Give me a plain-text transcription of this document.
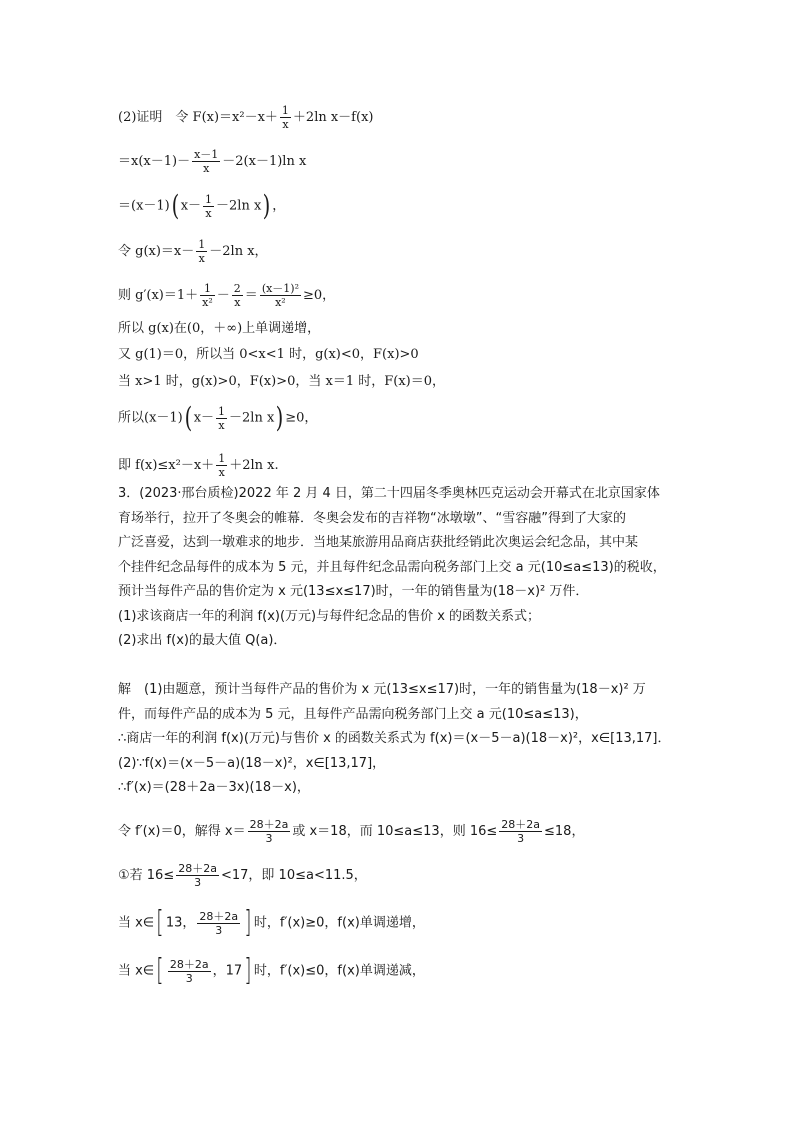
(2)证明　令 $F(x)=x^2-x+ \frac{1}{x} +2\ln$ x－f(x)
$=x(x-1)- \frac{x-1}{x} -2(x-1)\ln$ x
＝(x－1)( $x- \frac{1}{x} -2\ln$ x) ，
令 $g(x)=x- \frac{1}{x} -2\ln$ x，
则 $g'(x)=1+ \frac{1}{\text{x²}} - \frac{2}{x} = \frac{\text{(x－1)²}}{\text{x²}} \ge 0$，
所以 g(x)在(0，＋∞)上单调递增，
又 g(1)＝0，所以当 0<x<1 时，g(x)<0，F(x)>0
当 x>1 时，g(x)>0，F(x)>0，当 x＝1 时，F(x)＝0，
所以(x－1)( $x- \frac{1}{x} -2\ln$ x) ≥0，
即 $f(x)\le x^2-x+ \frac{1}{x} +2\ln$ x.
3．(2023·邢台质检)2022 年 2 月 4 日，第二十四届冬季奥林匹克运动会开幕式在北京国家体
育场举行，拉开了冬奥会的帷幕．冬奥会发布的吉祥物“冰墩墩”、“雪容融”得到了大家的
广泛喜爱，达到一墩难求的地步．当地某旅游用品商店获批经销此次奥运会纪念品，其中某
个挂件纪念品每件的成本为 5 元，并且每件纪念品需向税务部门上交 a 元(10≤a≤13)的税收，
预计当每件产品的售价定为 x 元(13≤x≤17)时，一年的销售量为(18－x)² 万件．
(1)求该商店一年的利润 f(x)(万元)与每件纪念品的售价 x 的函数关系式；
(2)求出 f(x)的最大值 Q(a)．
解　(1)由题意，预计当每件产品的售价为 x 元(13≤x≤17)时，一年的销售量为(18－x)² 万
件，而每件产品的成本为 5 元，且每件产品需向税务部门上交 a 元(10≤a≤13)，
∴商店一年的利润 f(x)(万元)与售价 x 的函数关系式为 f(x)＝(x－5－a)(18－x)²，x∈[13,17]．
(2)∵f(x)＝(x－5－a)(18－x)²，x∈[13,17]，
∴f′(x)＝(28＋2a－3x)(18－x)，
令 f′(x)＝0，解得 $x= \frac{28+2a}{3}$ 或 x＝18，而 10≤a≤13，则 $16\le \frac{28+2a}{3} \le 18$，
①若 $16\le \frac{28+2a}{3} <17$，即 10≤a<11.5，
当 x∈[ 13， $\frac{28+2a}{3}$ ] 时，f′(x)≥0，f(x)单调递增，
当 x∈[ $\frac{28+2a}{3}$ ，17] 时，f′(x)≤0，f(x)单调递减，
